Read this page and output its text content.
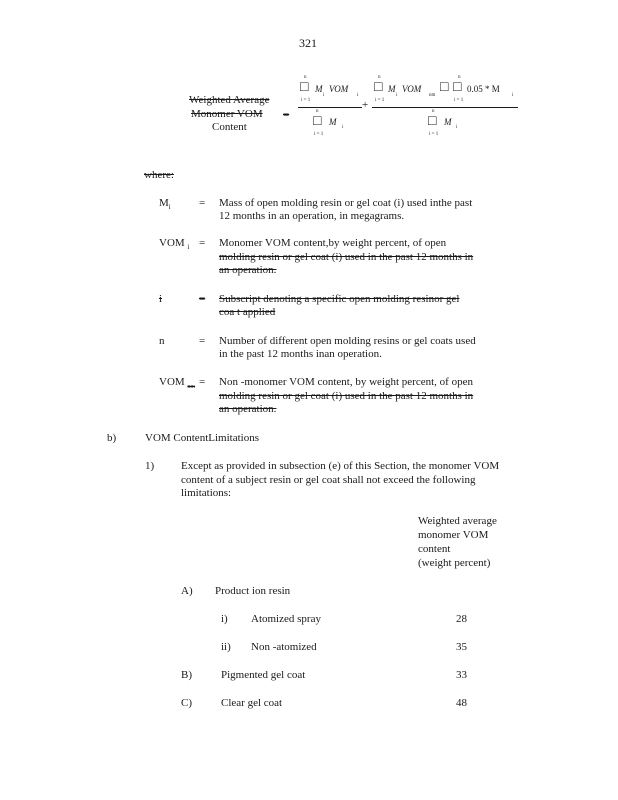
321
Weighted Average
Monomer VOM
Content
=
n
□
i = 1
M
i
VOM
i
n
□
i = 1
M
i
+
n
□
i = 1
M
i
VOM
nm
□
n
□
i = 1
0.05 * M
i
n
□
i = 1
M
i
where:
$M_i$	= Mass of open molding resin or gel coat (i) used inthe past
12 months in an operation, in megagrams.
VOM $_i$ = Monomer VOM content,by weight percent, of open
molding resin or gel coat (i) used in the past 12 months in
an operation.
i	= Subscript denoting a specific open molding resinor gel
coa t applied
n	= Number of different open molding resins or gel coats used
in the past 12 months inan operation.
VOM $_{nm}$ = Non -monomer VOM content, by weight percent, of open
molding resin or gel coat (i) used in the past 12 months in
an operation.
b)	VOM ContentLimitations
1) Except as provided in subsection (e) of this Section, the monomer VOM
content of a subject resin or gel coat shall not exceed the following
limitations:
Weighted average
monomer VOM
content
(weight percent)
A) Product ion resin
i) Atomized spray	28
ii) Non -atomized	35
B)	Pigmented gel coat	33
C)	Clear gel coat	48
